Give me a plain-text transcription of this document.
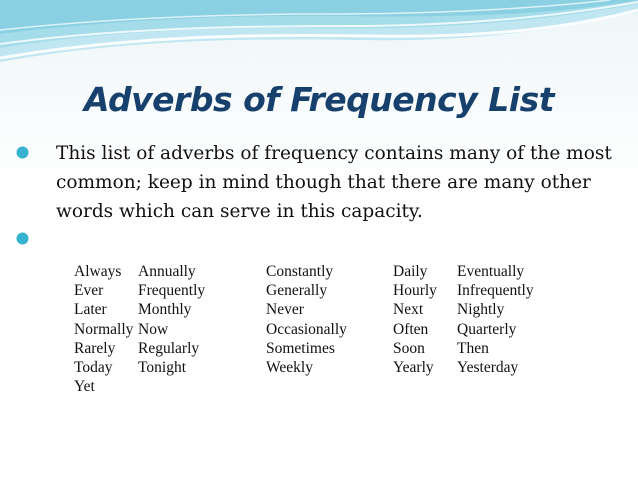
Adverbs of Frequency List

This list of adverbs of frequency contains many of the most common; keep in mind though that there are many other words which can serve in this capacity.

Always Annually	Constantly	Daily Eventually
Ever Frequently	Generally	Hourly Infrequently
Later Monthly	Never	Next Nightly
Normally Now	Occasionally	Often Quarterly
Rarely Regularly	Sometimes	Soon Then
Today Tonight	Weekly	Yearly Yesterday
Yet
